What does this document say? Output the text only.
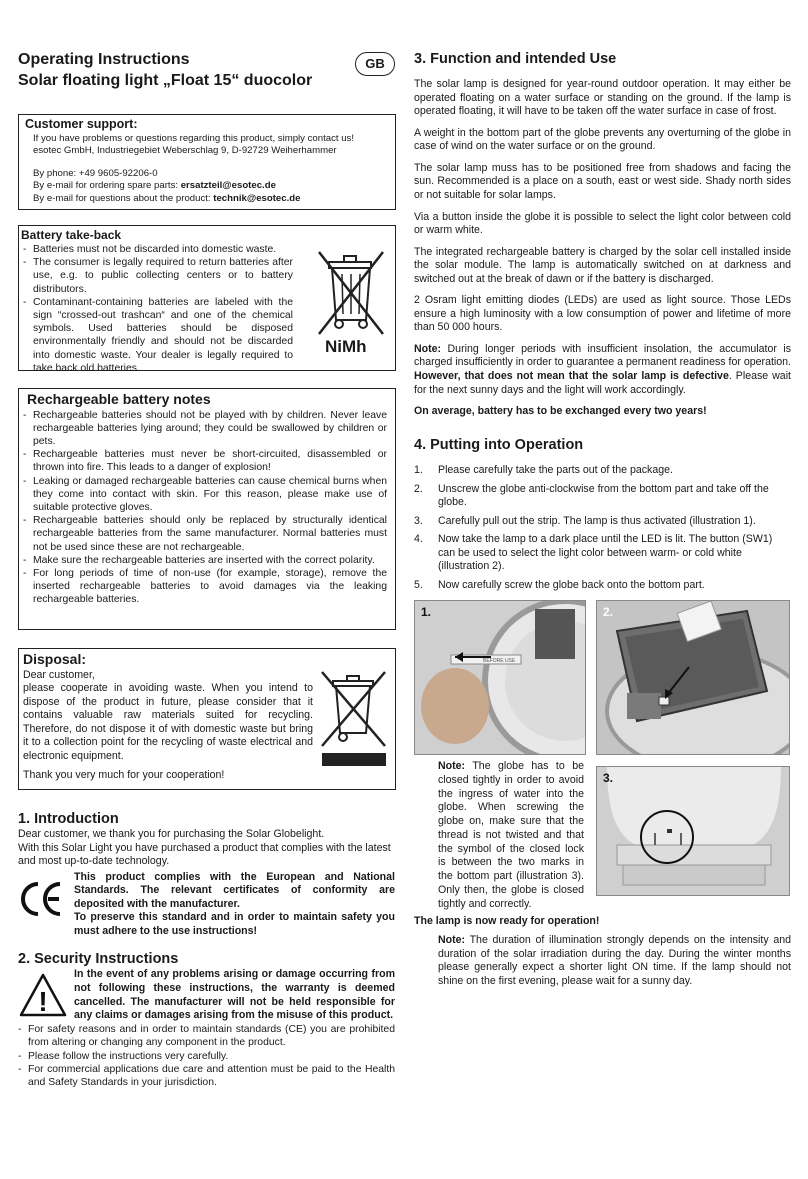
Operating Instructions
Solar floating light „Float 15“ duocolor
GB
Customer support:
If you have problems or questions regarding this product, simply contact us!
esotec GmbH, Industriegebiet Weberschlag 9, D-92729 Weiherhammer
By phone: +49 9605-92206-0
By e-mail for ordering spare parts: ersatzteil@esotec.de
By e-mail for questions about the product: technik@esotec.de
Battery take-back
- Batteries must not be discarded into domestic waste.
- The consumer is legally required to return batteries after use, e.g. to public collecting centers or to battery distributors.
- Contaminant-containing batteries are labeled with the sign “crossed-out trashcan“ and one of the chemical symbols. Used batteries should be disposed environmentally friendly and should not be discarded into domestic waste. Your dealer is legally required to take back old batteries.
NiMh
Rechargeable battery notes
- Rechargeable batteries should not be played with by children. Never leave rechargeable batteries lying around; they could be swallowed by children or pets.
- Rechargeable batteries must never be short-circuited, disassembled or thrown into fire. This leads to a danger of explosion!
- Leaking or damaged rechargeable batteries can cause chemical burns when they come into contact with skin. For this reason, please make use of suitable protective gloves.
- Rechargeable batteries should only be replaced by structurally identical rechargeable batteries from the same manufacturer. Normal batteries must not be used since these are not rechargeable.
- Make sure the rechargeable batteries are inserted with the correct polarity.
- For long periods of time of non-use (for example, storage), remove the inserted rechargeable batteries to avoid damages via the leaking rechargeable batteries.
Disposal:
Dear customer,
please cooperate in avoiding waste. When you intend to dispose of the product in future, please consider that it contains valuable raw materials suited for recycling. Therefore, do not dispose it of with domestic waste but bring it to a collection point for the recycling of waste electrical and electronic equipment.
Thank you very much for your cooperation!
1. Introduction
Dear customer, we thank you for purchasing the Solar Globelight.
With this Solar Light you have purchased a product that complies with the latest and most up-to-date technology.
This product complies with the European and National Standards. The relevant certificates of conformity are deposited with the manufacturer.
To preserve this standard and in order to maintain safety you must adhere to the use instructions!
2. Security Instructions
!
In the event of any problems arising or damage occurring from not following these instructions, the warranty is deemed cancelled. The manufacturer will not be held responsible for any claims or damages arising from the misuse of this product.
- For safety reasons and in order to maintain standards (CE) you are prohibited from altering or changing any component in the product.
- Please follow the instructions very carefully.
- For commercial applications due care and attention must be paid to the Health and Safety Standards in your jurisdiction.
3. Function and intended Use
The solar lamp is designed for year-round outdoor operation. It may either be operated floating on a water surface or standing on the ground. If the lamp is operated floating, it will have to be taken off the water surface in case of frost.
A weight in the bottom part of the globe prevents any overturning of the globe in case of wind on the water surface or on the ground.
The solar lamp muss has to be positioned free from shadows and facing the sun. Recommended is a place on a south, east or west side. Shady north sides or not suitable for solar lamps.
Via a button inside the globe it is possible to select the light color between cold or warm white.
The integrated rechargeable battery is charged by the solar cell installed inside the solar module. The lamp is automatically switched on at darkness and switched out at the break of dawn or if the battery is discharged.
2 Osram light emitting diodes (LEDs) are used as light source. Those LEDs ensure a high luminosity with a low consumption of power and lifetime of more than 50 000 hours.
Note: During longer periods with insufficient insolation, the accumulator is charged insufficiently in order to guarantee a permanent readiness for operation. However, that does not mean that the solar lamp is defective. Please wait for the next sunny days and the light will work accordingly.
On average, battery has to be exchanged every two years!
4. Putting into Operation
1. Please carefully take the parts out of the package.
2. Unscrew the globe anti-clockwise from the bottom part and take off the globe.
3. Carefully pull out the strip. The lamp is thus activated (illustration 1).
4. Now take the lamp to a dark place until the LED is lit. The button (SW1) can be used to select the light color between warm- or cold white (illustration 2).
5. Now carefully screw the globe back onto the bottom part.
BEFORE USE
1.	2.
Note: The globe has to be closed tightly in order to avoid the ingress of water into the globe. When screwing the globe on, make sure that the thread is not twisted and that the symbol of the closed lock is between the two marks in the bottom part (illustration 3). Only then, the globe is closed tightly and correctly.
3.
The lamp is now ready for operation!
Note: The duration of illumination strongly depends on the intensity and duration of the solar irradiation during the day. During the winter months please generally expect a shorter light ON time. If the lamp should not shine on the first evening, please wait for a sunny day.
